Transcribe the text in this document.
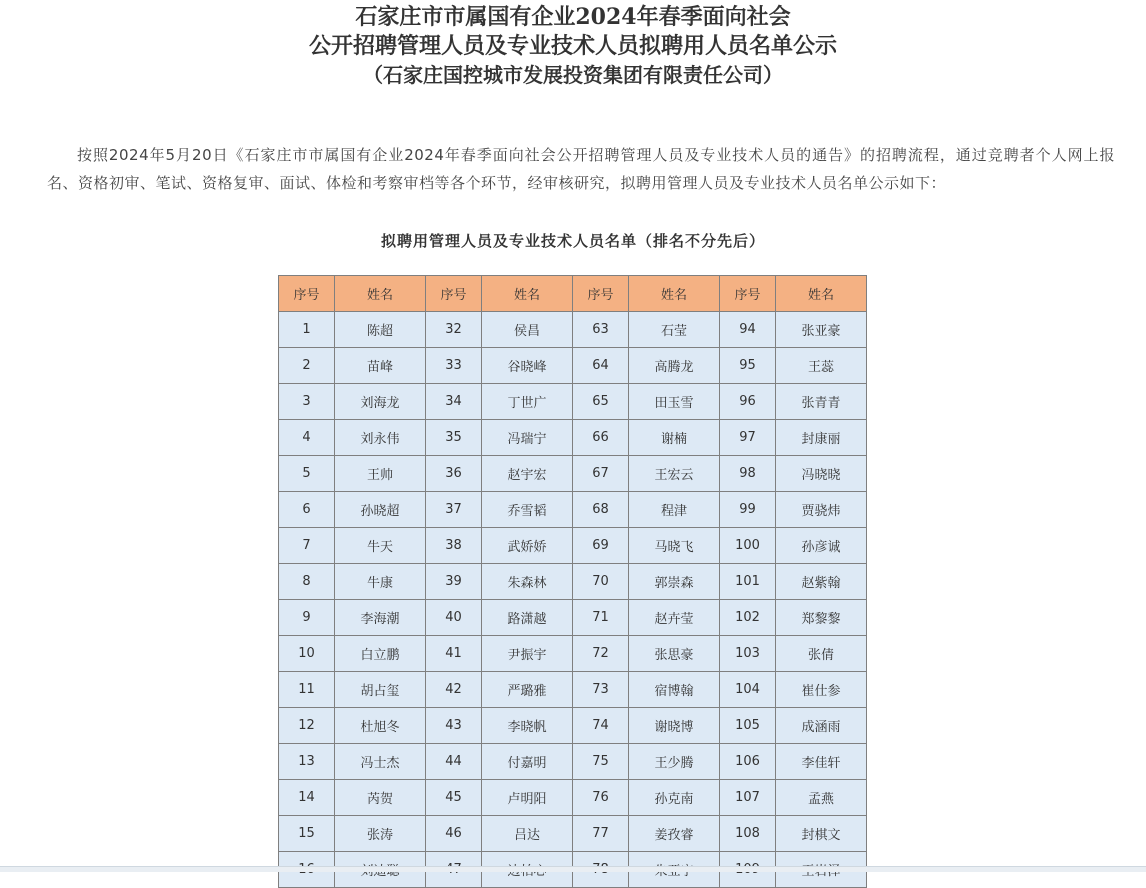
石家庄市市属国有企业2024年春季面向社会
公开招聘管理人员及专业技术人员拟聘用人员名单公示
（石家庄国控城市发展投资集团有限责任公司）

按照2024年5月20日《石家庄市市属国有企业2024年春季面向社会公开招聘管理人员及专业技术人员的通告》的招聘流程，通过竞聘者个人网上报名、资格初审、笔试、资格复审、面试、体检和考察审档等各个环节，经审核研究，拟聘用管理人员及专业技术人员名单公示如下：

拟聘用管理人员及专业技术人员名单（排名不分先后）
序号	姓名	序号	姓名	序号	姓名	序号	姓名
1	陈超	32	侯昌	63	石莹	94	张亚豪
2	苗峰	33	谷晓峰	64	高腾龙	95	王蕊
3	刘海龙	34	丁世广	65	田玉雪	96	张青青
4	刘永伟	35	冯瑞宁	66	谢楠	97	封康丽
5	王帅	36	赵宇宏	67	王宏云	98	冯晓晓
6	孙晓超	37	乔雪韬	68	程津	99	贾骁炜
7	牛天	38	武娇娇	69	马晓飞	100	孙彦诚
8	牛康	39	朱森林	70	郭崇森	101	赵紫翰
9	李海潮	40	路潇越	71	赵卉莹	102	郑黎黎
10	白立鹏	41	尹振宇	72	张思豪	103	张倩
11	胡占玺	42	严璐雅	73	宿博翰	104	崔仕参
12	杜旭冬	43	李晓帆	74	谢晓博	105	成涵雨
13	冯士杰	44	付嘉明	75	王少腾	106	李佳轩
14	芮贺	45	卢明阳	76	孙克南	107	孟燕
15	张涛	46	吕达	77	姜孜睿	108	封棋文
